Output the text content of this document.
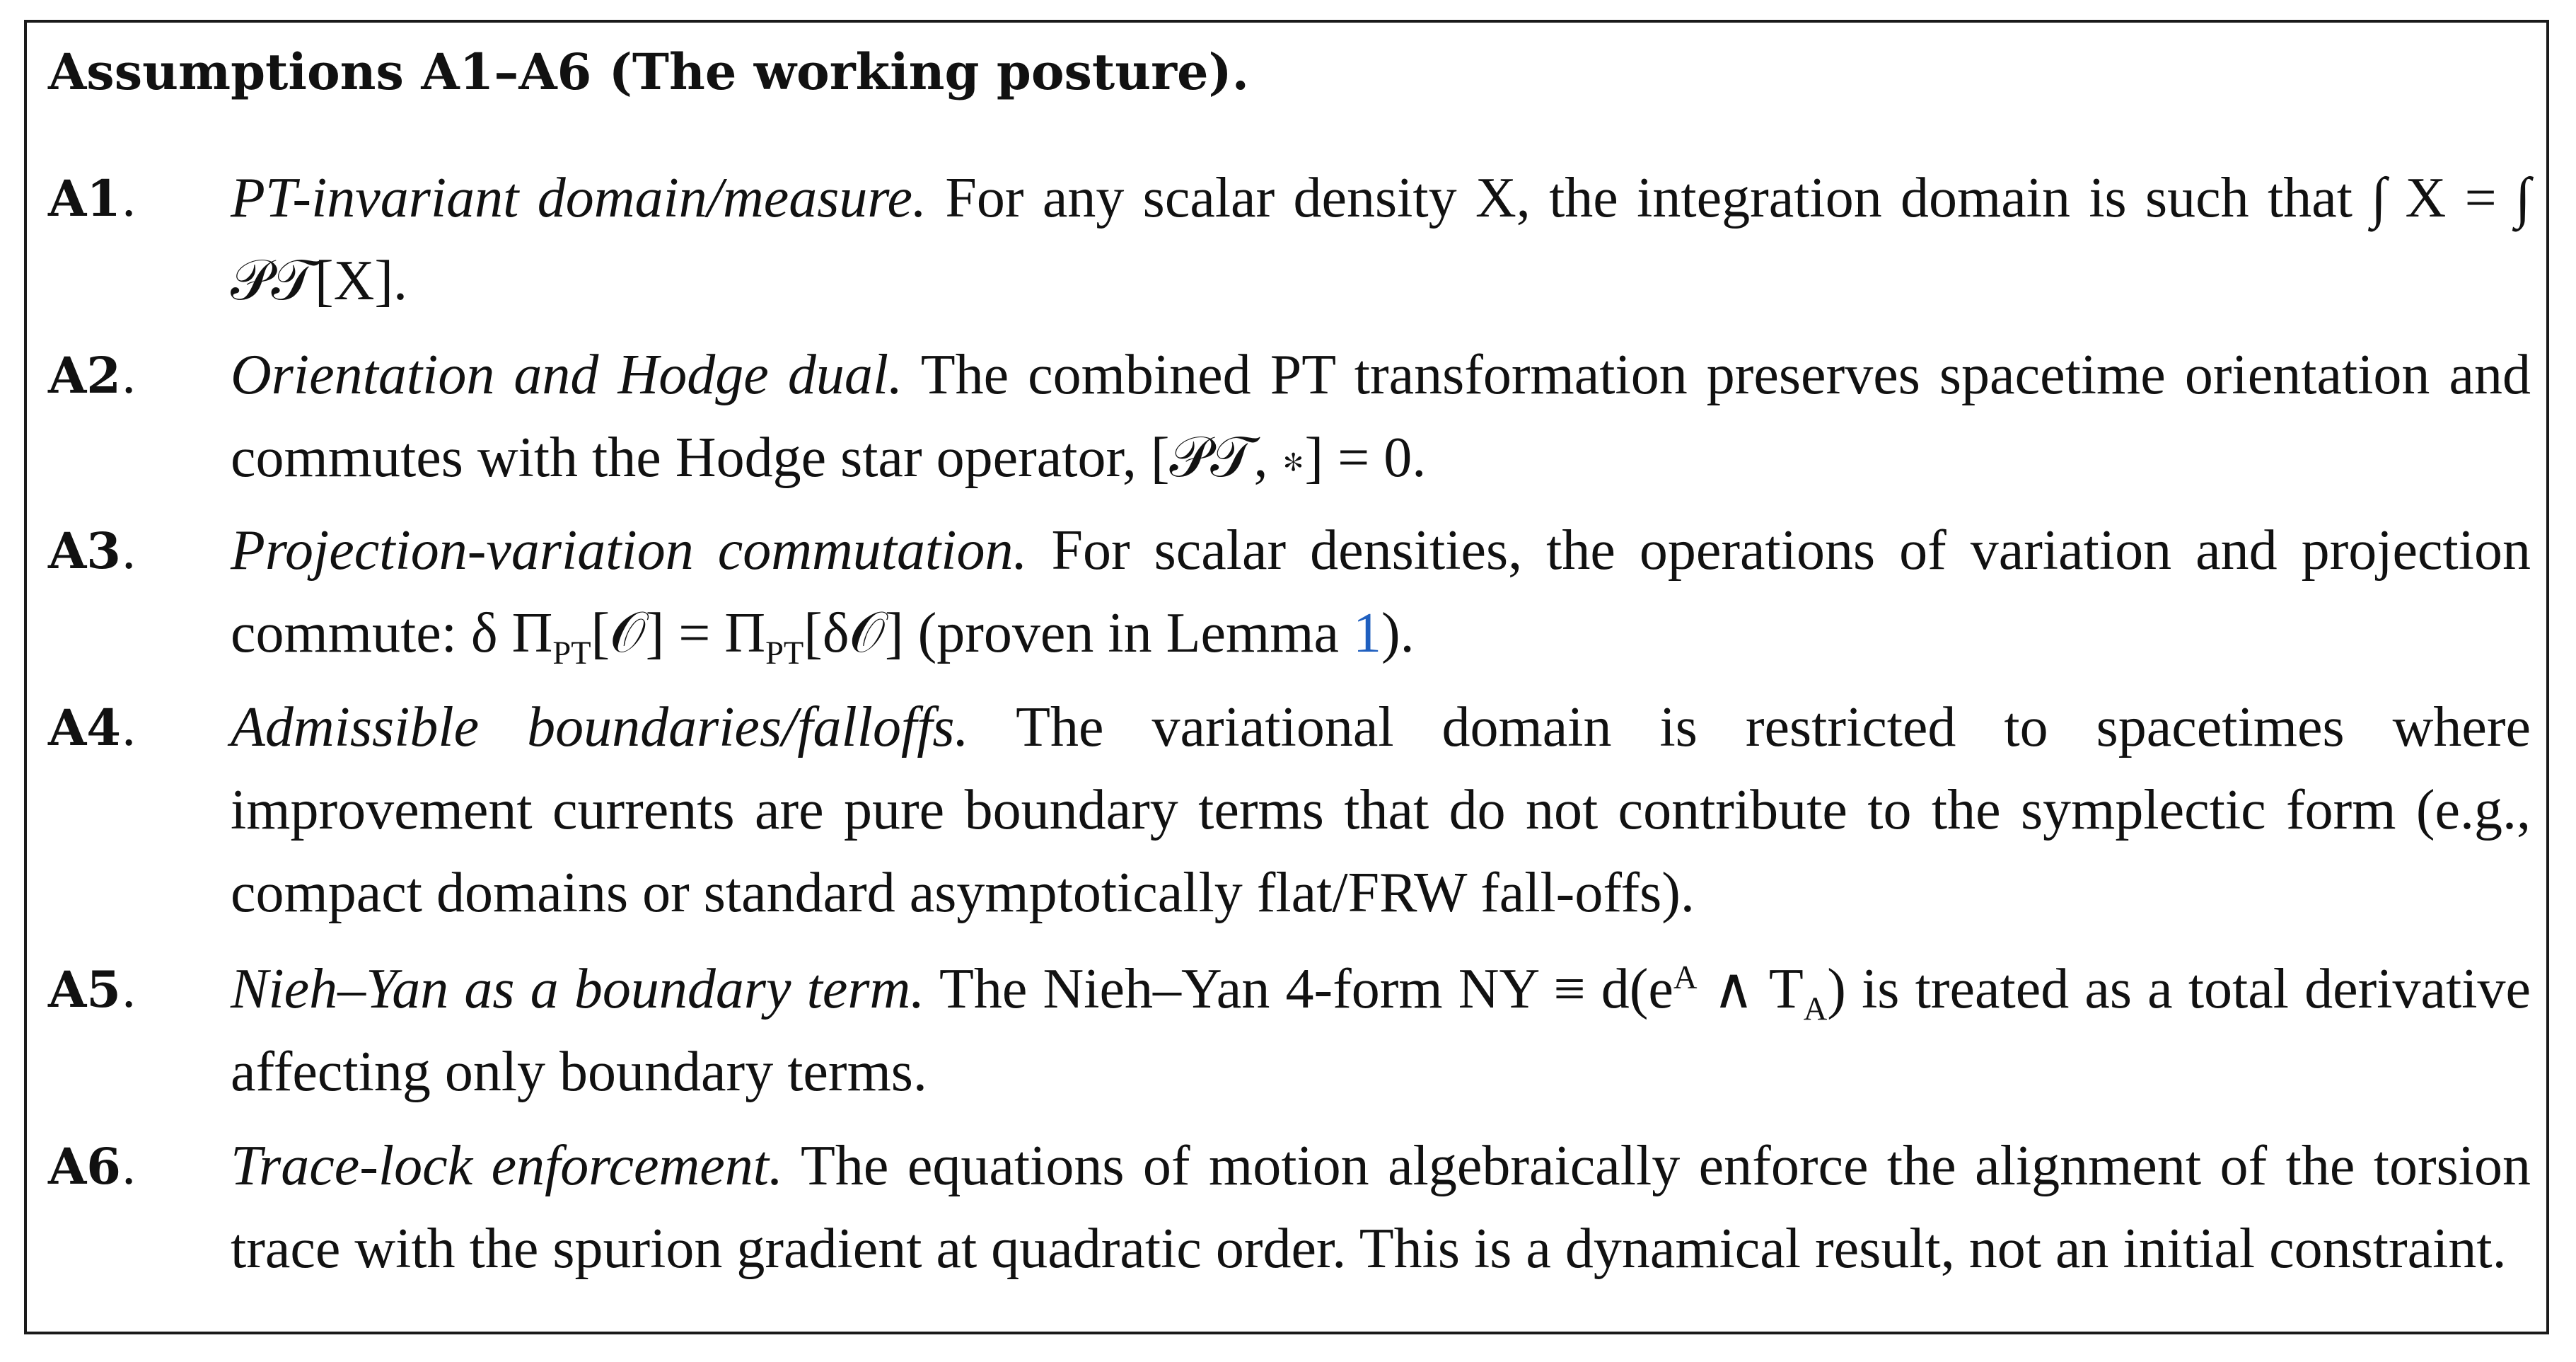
Assumptions A1–A6 (The working posture).
A1. PT-invariant domain/measure. For any scalar density X, the integration domain is such that ∫ X = ∫ 𝒫𝒯[X].
A2. Orientation and Hodge dual. The combined PT transformation preserves spacetime orientation and commutes with the Hodge star operator, [𝒫𝒯, ∗] = 0.
A3. Projection-variation commutation. For scalar densities, the operations of variation and projection commute: δ $\Pi_{PT}[𝒪]$ = $\Pi_{PT}[\delta 𝒪]$ (proven in Lemma 1).
A4. Admissible boundaries/falloffs. The variational domain is restricted to spacetimes where improvement currents are pure boundary terms that do not contribute to the symplectic form (e.g., compact domains or standard asymptotically flat/FRW fall-offs).
A5. Nieh–Yan as a boundary term. The Nieh–Yan 4-form NY ≡ $d(e^A$ ∧ $T_A$) is treated as a total derivative affecting only boundary terms.
A6. Trace-lock enforcement. The equations of motion algebraically enforce the alignment of the torsion trace with the spurion gradient at quadratic order. This is a dynamical result, not an initial constraint.
